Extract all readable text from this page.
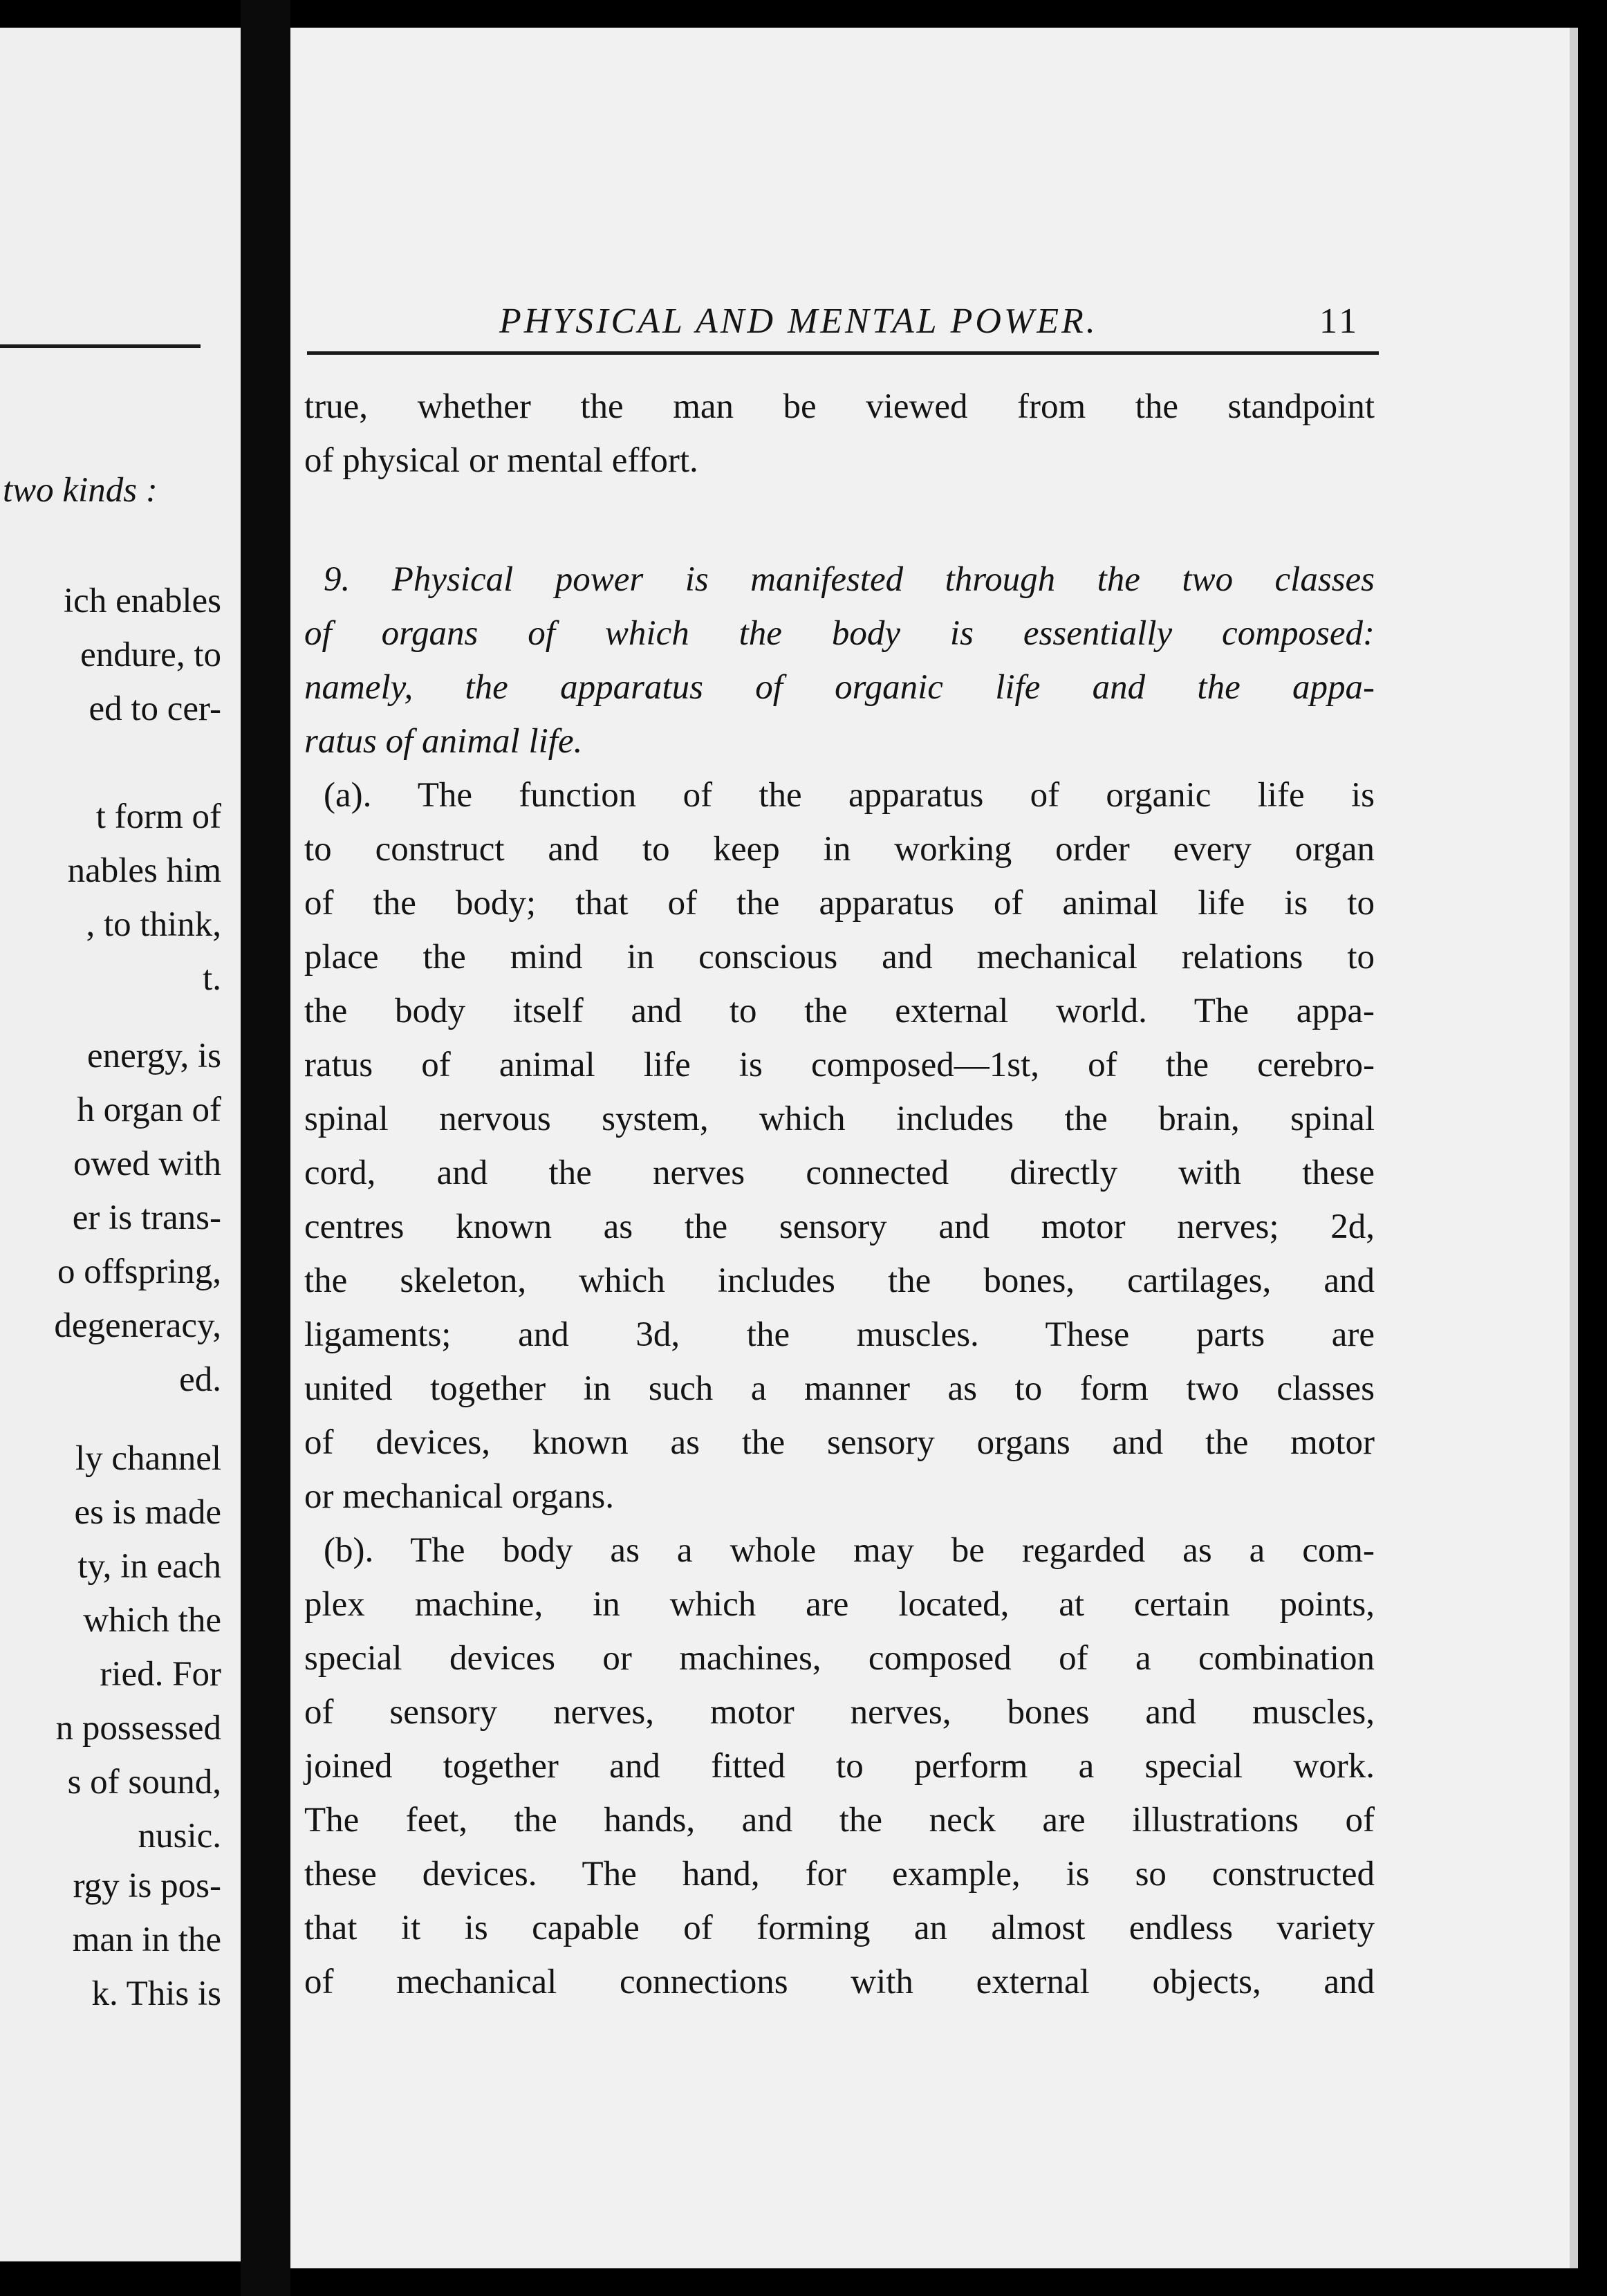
two kinds :
ich enables
endure, to
ed to cer-
t form of
nables him
, to think,
t.
energy, is
h organ of
owed with
er is trans-
o offspring,
degeneracy,
ed.
ly channel
es is made
ty, in each
which the
ried. For
n possessed
s of sound,
nusic.
rgy is pos-
man in the
k. This is
PHYSICAL AND MENTAL POWER.	11
true, whether the man be viewed from the standpoint
of physical or mental effort.
9. Physical power is manifested through the two classes
of organs of which the body is essentially composed:
namely, the apparatus of organic life and the appa-
ratus of animal life.
(a). The function of the apparatus of organic life is
to construct and to keep in working order every organ
of the body; that of the apparatus of animal life is to
place the mind in conscious and mechanical relations to
the body itself and to the external world. The appa-
ratus of animal life is composed—1st, of the cerebro-
spinal nervous system, which includes the brain, spinal
cord, and the nerves connected directly with these
centres known as the sensory and motor nerves; 2d,
the skeleton, which includes the bones, cartilages, and
ligaments; and 3d, the muscles. These parts are
united together in such a manner as to form two classes
of devices, known as the sensory organs and the motor
or mechanical organs.
(b). The body as a whole may be regarded as a com-
plex machine, in which are located, at certain points,
special devices or machines, composed of a combination
of sensory nerves, motor nerves, bones and muscles,
joined together and fitted to perform a special work.
The feet, the hands, and the neck are illustrations of
these devices. The hand, for example, is so constructed
that it is capable of forming an almost endless variety
of mechanical connections with external objects, and
